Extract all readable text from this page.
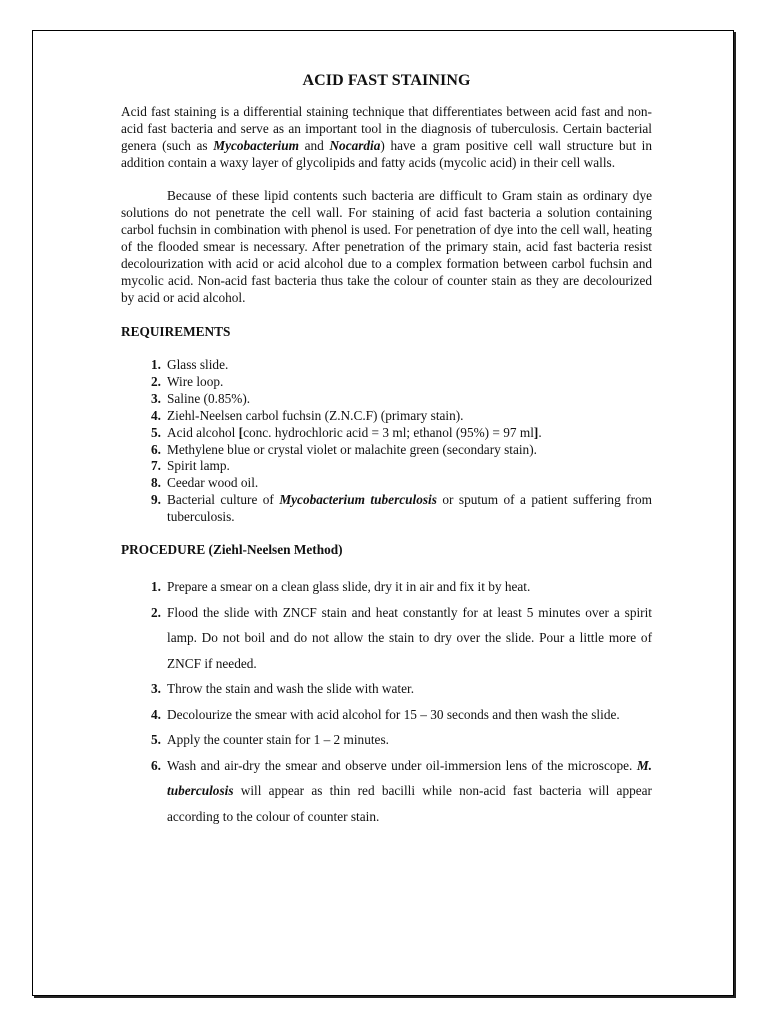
ACID FAST STAINING

Acid fast staining is a differential staining technique that differentiates between acid fast and non-acid fast bacteria and serve as an important tool in the diagnosis of tuberculosis. Certain bacterial genera (such as Mycobacterium and Nocardia) have a gram positive cell wall structure but in addition contain a waxy layer of glycolipids and fatty acids (mycolic acid) in their cell walls.

Because of these lipid contents such bacteria are difficult to Gram stain as ordinary dye solutions do not penetrate the cell wall. For staining of acid fast bacteria a solution containing carbol fuchsin in combination with phenol is used. For penetration of dye into the cell wall, heating of the flooded smear is necessary. After penetration of the primary stain, acid fast bacteria resist decolourization with acid or acid alcohol due to a complex formation between carbol fuchsin and mycolic acid. Non-acid fast bacteria thus take the colour of counter stain as they are decolourized by acid or acid alcohol.

REQUIREMENTS
1. Glass slide.
2. Wire loop.
3. Saline (0.85%).
4. Ziehl-Neelsen carbol fuchsin (Z.N.C.F) (primary stain).
5. Acid alcohol [conc. hydrochloric acid = 3 ml; ethanol (95%) = 97 ml].
6. Methylene blue or crystal violet or malachite green (secondary stain).
7. Spirit lamp.
8. Ceedar wood oil.
9. Bacterial culture of Mycobacterium tuberculosis or sputum of a patient suffering from tuberculosis.
PROCEDURE (Ziehl-Neelsen Method)
1. Prepare a smear on a clean glass slide, dry it in air and fix it by heat.
2. Flood the slide with ZNCF stain and heat constantly for at least 5 minutes over a spirit lamp. Do not boil and do not allow the stain to dry over the slide. Pour a little more of ZNCF if needed.
3. Throw the stain and wash the slide with water.
4. Decolourize the smear with acid alcohol for 15 – 30 seconds and then wash the slide.
5. Apply the counter stain for 1 – 2 minutes.
6. Wash and air-dry the smear and observe under oil-immersion lens of the microscope. M. tuberculosis will appear as thin red bacilli while non-acid fast bacteria will appear according to the colour of counter stain.
